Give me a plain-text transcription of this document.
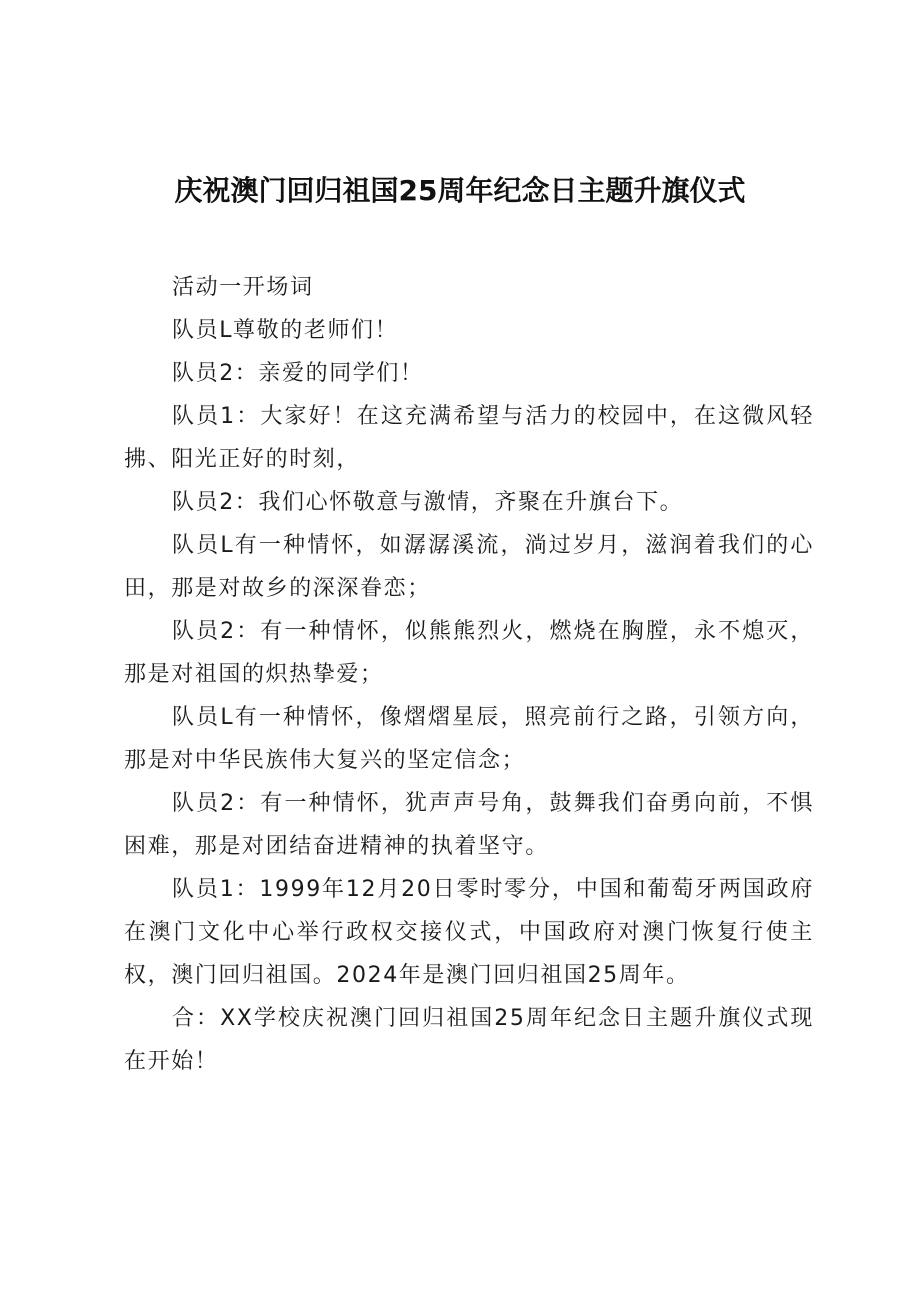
庆祝澳门回归祖国25周年纪念日主题升旗仪式

活动一开场词

队员L尊敬的老师们！

队员2：亲爱的同学们！

队员1：大家好！在这充满希望与活力的校园中，在这微风轻拂、阳光正好的时刻，

队员2：我们心怀敬意与激情，齐聚在升旗台下。

队员L有一种情怀，如潺潺溪流，淌过岁月，滋润着我们的心田，那是对故乡的深深眷恋；

队员2：有一种情怀，似熊熊烈火，燃烧在胸膛，永不熄灭，那是对祖国的炽热挚爱；

队员L有一种情怀，像熠熠星辰，照亮前行之路，引领方向，那是对中华民族伟大复兴的坚定信念；

队员2：有一种情怀，犹声声号角，鼓舞我们奋勇向前，不惧困难，那是对团结奋进精神的执着坚守。

队员1：1999年12月20日零时零分，中国和葡萄牙两国政府在澳门文化中心举行政权交接仪式，中国政府对澳门恢复行使主权，澳门回归祖国。2024年是澳门回归祖国25周年。

合：XX学校庆祝澳门回归祖国25周年纪念日主题升旗仪式现在开始！
